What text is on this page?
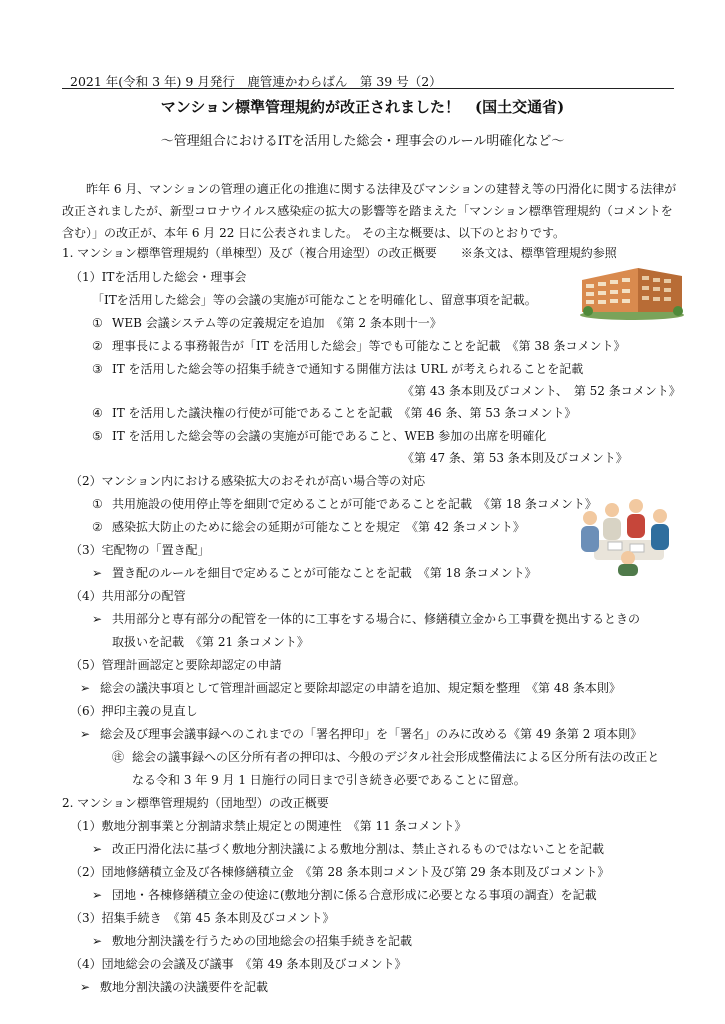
2021 年(令和 3 年) 9 月発行　鹿管連かわらばん　第 39 号（2）
マンション標準管理規約が改正されました！　(国土交通省)
～管理組合におけるITを活用した総会・理事会のルール明確化など～

昨年 6 月、マンションの管理の適正化の推進に関する法律及びマンションの建替え等の円滑化に関する法律が改正されましたが、新型コロナウイルス感染症の拡大の影響等を踏まえた「マンション標準管理規約（コメントを含む）」の改正が、本年 6 月 22 日に公表されました。 その主な概要は、以下のとおりです。

1. マンション標準管理規約（単棟型）及び（複合用途型）の改正概要　　※条文は、標準管理規約参照
（1）ITを活用した総会・理事会
「ITを活用した総会」等の会議の実施が可能なことを明確化し、留意事項を記載。
① WEB 会議システム等の定義規定を追加　《第 2 条本則十一》
② 理事長による事務報告が「IT を活用した総会」等でも可能なことを記載　《第 38 条コメント》
③ IT を活用した総会等の招集手続きで通知する開催方法は URL が考えられることを記載
《第 43 条本則及びコメント、　第 52 条コメント》
④ IT を活用した議決権の行使が可能であることを記載　《第 46 条、第 53 条コメント》
⑤ IT を活用した総会等の会議の実施が可能であること、WEB 参加の出席を明確化
《第 47 条、第 53 条本則及びコメント》
（2）マンション内における感染拡大のおそれが高い場合等の対応
① 共用施設の使用停止等を細則で定めることが可能であることを記載　《第 18 条コメント》
② 感染拡大防止のために総会の延期が可能なことを規定　《第 42 条コメント》
（3）宅配物の「置き配」
➢ 置き配のルールを細目で定めることが可能なことを記載　《第 18 条コメント》
（4）共用部分の配管
➢ 共用部分と専有部分の配管を一体的に工事をする場合に、修繕積立金から工事費を拠出するときの
取扱いを記載　《第 21 条コメント》
（5）管理計画認定と要除却認定の申請
➢ 総会の議決事項として管理計画認定と要除却認定の申請を追加、規定類を整理　《第 48 条本則》
（6）押印主義の見直し
➢ 総会及び理事会議事録へのこれまでの「署名押印」を「署名」のみに改める《第 49 条第 2 項本則》
㊟ 総会の議事録への区分所有者の押印は、今般のデジタル社会形成整備法による区分所有法の改正と
なる令和 3 年 9 月 1 日施行の同日まで引き続き必要であることに留意。
2. マンション標準管理規約（団地型）の改正概要
（1）敷地分割事業と分割請求禁止規定との関連性　《第 11 条コメント》
➢ 改正円滑化法に基づく敷地分割決議による敷地分割は、禁止されるものではないことを記載
（2）団地修繕積立金及び各棟修繕積立金　《第 28 条本則コメント及び第 29 条本則及びコメント》
➢ 団地・各棟修繕積立金の使途に(敷地分割に係る合意形成に必要となる事項の調査）を記載
（3）招集手続き　《第 45 条本則及びコメント》
➢ 敷地分割決議を行うための団地総会の招集手続きを記載
（4）団地総会の会議及び議事　《第 49 条本則及びコメント》
➢ 敷地分割決議の決議要件を記載
